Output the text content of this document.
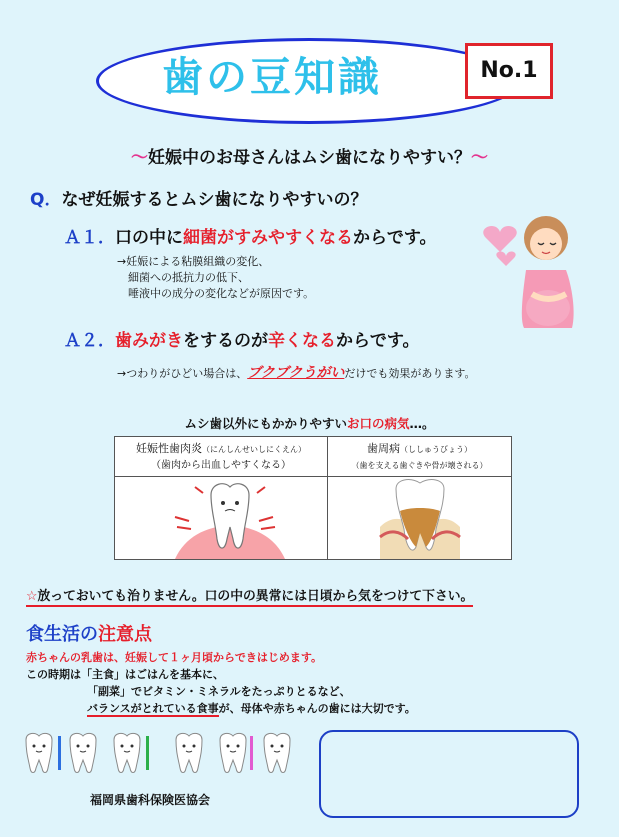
歯の豆知識	No.1
～妊娠中のお母さんはムシ歯になりやすい？～
Q．なぜ妊娠するとムシ歯になりやすいの？
Ａ１．口の中に細菌がすみやすくなるからです。
→妊娠による粘膜組織の変化、
細菌への抵抗力の低下、
唾液中の成分の変化などが原因です。
Ａ２．歯みがきをするのが辛くなるからです。
→つわりがひどい場合は、ブクブクうがいだけでも効果があります。
ムシ歯以外にもかかりやすいお口の病気…。
妊娠性歯肉炎（にんしんせいしにくえん）
（歯肉から出血しやすくなる）
歯周病（ししゅうびょう）
（歯を支える歯ぐきや骨が壊される）
☆放っておいても治りません。口の中の異常には日頃から気をつけて下さい。
食生活の注意点
赤ちゃんの乳歯は、妊娠して１ヶ月頃からできはじめます。
この時期は「主食」はごはんを基本に、
「副菜」でビタミン・ミネラルをたっぷりとるなど、
バランスがとれている食事が、母体や赤ちゃんの歯には大切です。
福岡県歯科保険医協会
